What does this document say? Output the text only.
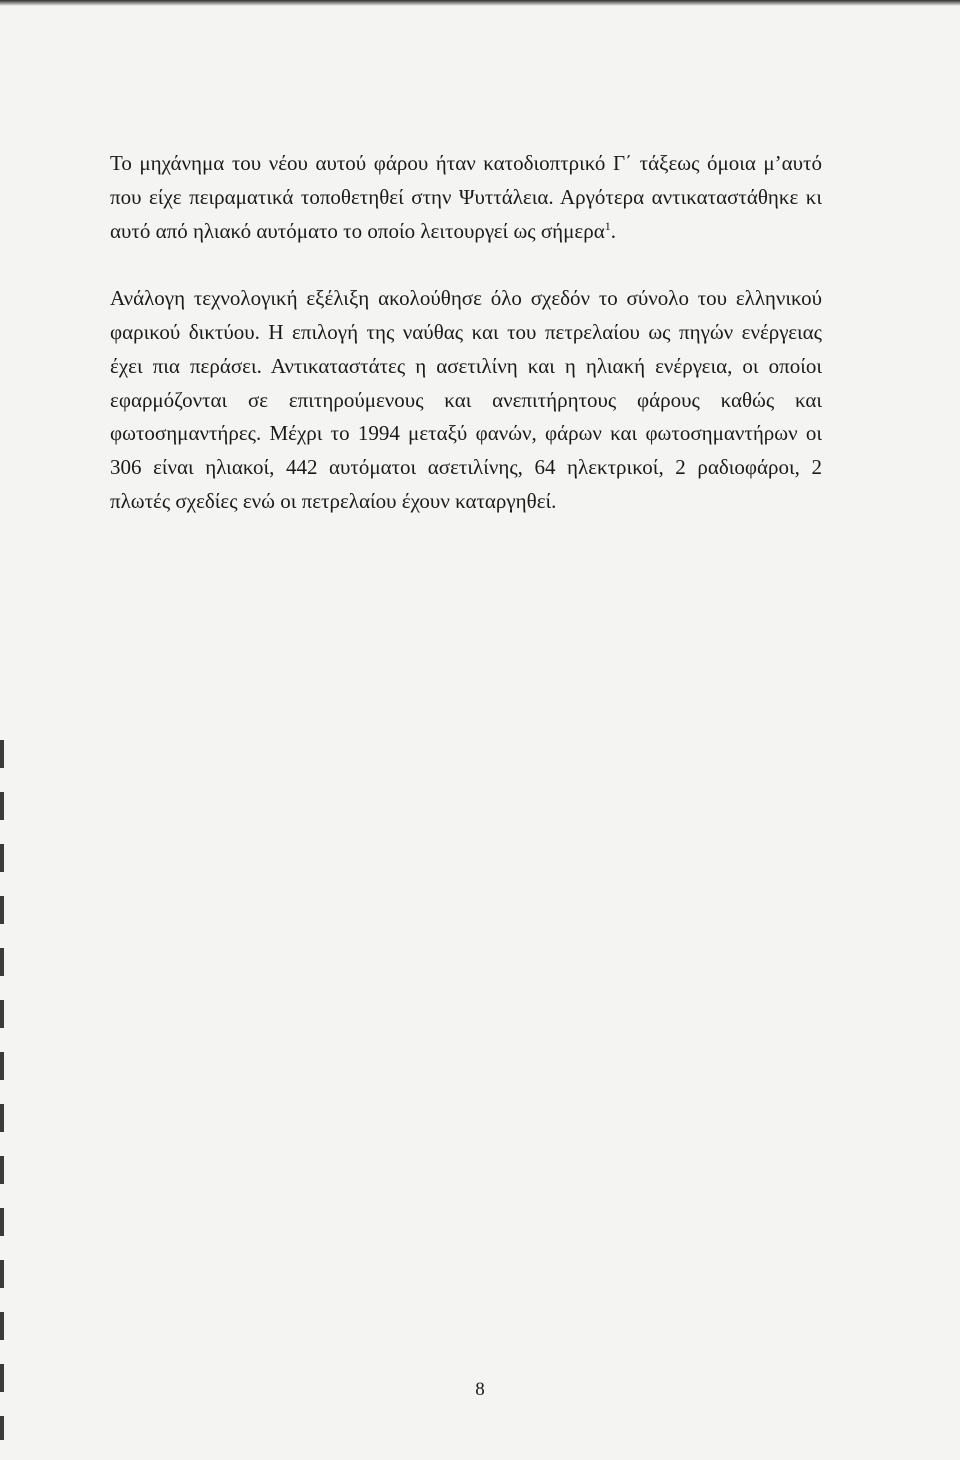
Το μηχάνημα του νέου αυτού φάρου ήταν κατοδιοπτρικό Γ΄ τάξεως όμοια μ’αυτό που είχε πειραματικά τοποθετηθεί στην Ψυττάλεια. Αργότερα αντικαταστάθηκε κι αυτό από ηλιακό αυτόματο το οποίο λειτουργεί ως σήμερα$^1$.

Ανάλογη τεχνολογική εξέλιξη ακολούθησε όλο σχεδόν το σύνολο του ελληνικού φαρικού δικτύου. Η επιλογή της ναύθας και του πετρελαίου ως πηγών ενέργειας έχει πια περάσει. Αντικαταστάτες η ασετιλίνη και η ηλιακή ενέργεια, οι οποίοι εφαρμόζονται σε επιτηρούμενους και ανεπιτήρητους φάρους καθώς και φωτοσημαντήρες. Μέχρι το 1994 μεταξύ φανών, φάρων και φωτοσημαντήρων οι 306 είναι ηλιακοί, 442 αυτόματοι ασετιλίνης, 64 ηλεκτρικοί, 2 ραδιοφάροι, 2 πλωτές σχεδίες ενώ οι πετρελαίου έχουν καταργηθεί.

8
